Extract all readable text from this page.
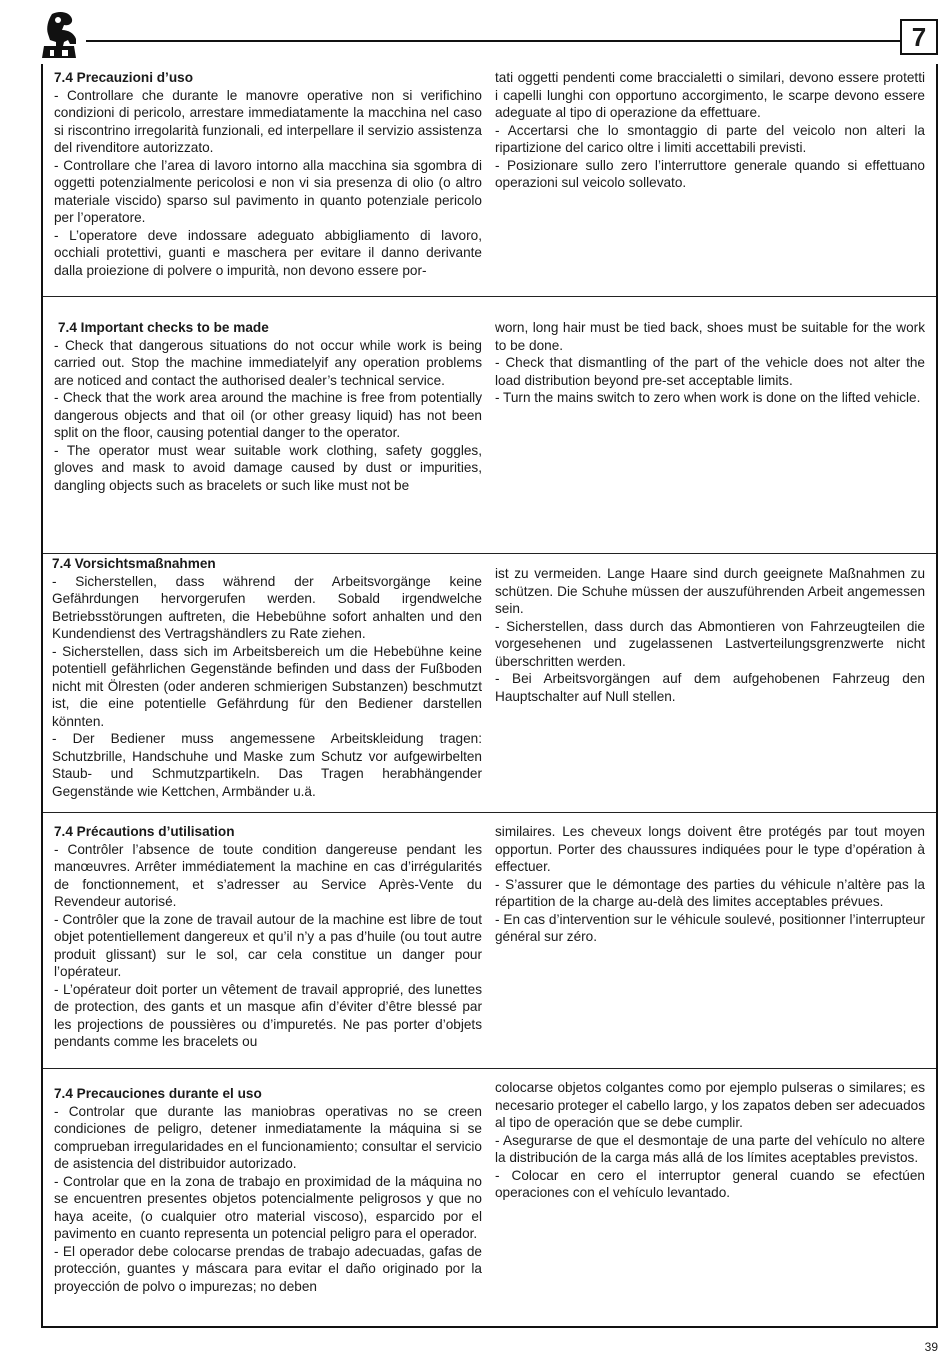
7

7.4 Precauzioni d’uso

- Controllare che durante le manovre operative non si verifichino condizioni di pericolo, arrestare immediatamente la macchina nel caso si riscontrino irregolarità funzionali, ed interpellare il servizio assistenza del rivenditore autorizzato.

- Controllare che l’area di lavoro intorno alla macchina sia sgombra di oggetti potenzialmente pericolosi e non vi sia presenza di olio (o altro materiale viscido) sparso sul pavimento in quanto potenziale pericolo per l’operatore.

- L’operatore deve indossare adeguato abbigliamento di lavoro, occhiali protettivi, guanti e maschera per evitare il danno derivante dalla proiezione di polvere o impurità, non devono essere por-

tati oggetti pendenti come braccialetti o similari, devono essere protetti i capelli lunghi con opportuno accorgimento, le scarpe devono essere adeguate al tipo di operazione da effettuare.

- Accertarsi che lo smontaggio di parte del veicolo non alteri la ripartizione del carico oltre i limiti accettabili previsti.

- Posizionare sullo zero l’interruttore generale quando si effettuano operazioni sul veicolo sollevato.

7.4 Important checks to be made

- Check that dangerous situations do not occur while work is being carried out. Stop the machine immediatelyif any operation problems are noticed and contact the authorised dealer’s technical service.

- Check that the work area around the machine is free from potentially dangerous objects and that oil (or other greasy liquid) has not been split on the floor, causing potential danger to the operator.

- The operator must wear suitable work clothing, safety goggles, gloves and mask to avoid damage caused by dust or impurities, dangling objects such as bracelets or such like must not be

worn, long hair must be tied back, shoes must be suitable for the work to be done.

- Check that dismantling of the part of the vehicle does not alter the load distribution beyond pre-set acceptable limits.

- Turn the mains switch to zero when work is done on the lifted vehicle.

7.4 Vorsichtsmaßnahmen

- Sicherstellen, dass während der Arbeitsvorgänge keine Gefährdungen hervorgerufen werden. Sobald irgendwelche Betriebsstörungen auftreten, die Hebebühne sofort anhalten und den Kundendienst des Vertragshändlers zu Rate ziehen.

- Sicherstellen, dass sich im Arbeitsbereich um die Hebebühne keine potentiell gefährlichen Gegenstände befinden und dass der Fußboden nicht mit Ölresten (oder anderen schmierigen Substanzen) beschmutzt ist, die eine potentielle Gefährdung für den Bediener darstellen könnten.

- Der Bediener muss angemessene Arbeitskleidung tragen: Schutzbrille, Handschuhe und Maske zum Schutz vor aufgewirbelten Staub- und Schmutzpartikeln. Das Tragen herabhängender Gegenstände wie Kettchen, Armbänder u.ä.

ist zu vermeiden. Lange Haare sind durch geeignete Maßnahmen zu schützen. Die Schuhe müssen der auszuführenden Arbeit angemessen sein.

- Sicherstellen, dass durch das Abmontieren von Fahrzeugteilen die vorgesehenen und zugelassenen Lastverteilungsgrenzwerte nicht überschritten werden.

- Bei Arbeitsvorgängen auf dem aufgehobenen Fahrzeug den Hauptschalter auf Null stellen.

7.4 Précautions d’utilisation

- Contrôler l’absence de toute condition dangereuse pendant les manœuvres. Arrêter immédiatement la machine en cas d’irrégularités de fonctionnement, et s’adresser au Service Après-Vente du Revendeur autorisé.

- Contrôler que la zone de travail autour de la machine est libre de tout objet potentiellement dangereux et qu’il n’y a pas d’huile (ou tout autre produit glissant) sur le sol, car cela constitue un danger pour l’opérateur.

- L’opérateur doit porter un vêtement de travail approprié, des lunettes de protection, des gants et un masque afin d’éviter d’être blessé par les projections de poussières ou d’impuretés. Ne pas porter d’objets pendants comme les bracelets ou

similaires. Les cheveux longs doivent être protégés par tout moyen opportun. Porter des chaussures indiquées pour le type d’opération à effectuer.

- S’assurer que le démontage des parties du véhicule n’altère pas la répartition de la charge au-delà des limites acceptables prévues.

- En cas d’intervention sur le véhicule soulevé, positionner l’interrupteur général sur zéro.

7.4 Precauciones durante el uso

- Controlar que durante las maniobras operativas no se creen condiciones de peligro, detener inmediatamente la máquina si se comprueban irregularidades en el funcionamiento; consultar el servicio de asistencia del distribuidor autorizado.

- Controlar que en la zona de trabajo en proximidad de la máquina no se encuentren presentes objetos potencialmente peligrosos y que no haya aceite, (o cualquier otro material viscoso), esparcido por el pavimento en cuanto representa un potencial peligro para el operador.

- El operador debe colocarse prendas de trabajo adecuadas, gafas de protección, guantes y máscara para evitar el daño originado por la proyección de polvo o impurezas; no deben

colocarse objetos colgantes como por ejemplo pulseras o similares; es necesario proteger el cabello largo, y los zapatos deben ser adecuados al tipo de operación que se debe cumplir.

- Asegurarse de que el desmontaje de una parte del vehículo no altere la distribución de la carga más allá de los límites aceptables previstos.

- Colocar en cero el interruptor general cuando se efectúen operaciones con el vehículo levantado.

39
